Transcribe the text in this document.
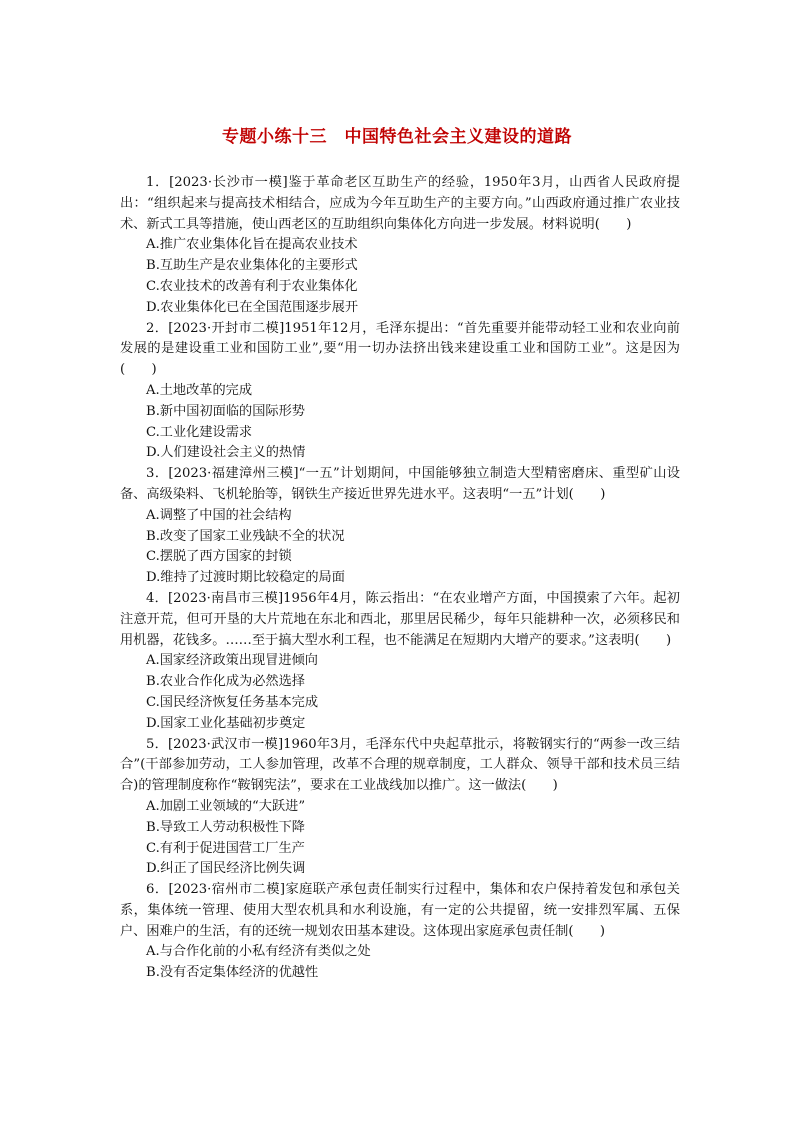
专题小练十三　中国特色社会主义建设的道路

1．[2023·长沙市一模]鉴于革命老区互助生产的经验，1950年3月，山西省人民政府提出：“组织起来与提高技术相结合，应成为今年互助生产的主要方向。”山西政府通过推广农业技术、新式工具等措施，使山西老区的互助组织向集体化方向进一步发展。材料说明(　　)

A.推广农业集体化旨在提高农业技术

B.互助生产是农业集体化的主要形式

C.农业技术的改善有利于农业集体化

D.农业集体化已在全国范围逐步展开

2．[2023·开封市二模]1951年12月，毛泽东提出：“首先重要并能带动轻工业和农业向前发展的是建设重工业和国防工业”,要“用一切办法挤出钱来建设重工业和国防工业”。这是因为(　　)

A.土地改革的完成

B.新中国初面临的国际形势

C.工业化建设需求

D.人们建设社会主义的热情

3．[2023·福建漳州三模]“一五”计划期间，中国能够独立制造大型精密磨床、重型矿山设备、高级染料、飞机轮胎等，钢铁生产接近世界先进水平。这表明“一五”计划(　　)

A.调整了中国的社会结构

B.改变了国家工业残缺不全的状况

C.摆脱了西方国家的封锁

D.维持了过渡时期比较稳定的局面

4．[2023·南昌市三模]1956年4月，陈云指出：“在农业增产方面，中国摸索了六年。起初注意开荒，但可开垦的大片荒地在东北和西北，那里居民稀少，每年只能耕种一次，必须移民和用机器，花钱多。……至于搞大型水利工程，也不能满足在短期内大增产的要求。”这表明(　　)

A.国家经济政策出现冒进倾向

B.农业合作化成为必然选择

C.国民经济恢复任务基本完成

D.国家工业化基础初步奠定

5．[2023·武汉市一模]1960年3月，毛泽东代中央起草批示，将鞍钢实行的“两参一改三结合”(干部参加劳动，工人参加管理，改革不合理的规章制度，工人群众、领导干部和技术员三结合)的管理制度称作“鞍钢宪法”，要求在工业战线加以推广。这一做法(　　)

A.加剧工业领域的“大跃进”

B.导致工人劳动积极性下降

C.有利于促进国营工厂生产

D.纠正了国民经济比例失调

6．[2023·宿州市二模]家庭联产承包责任制实行过程中，集体和农户保持着发包和承包关系，集体统一管理、使用大型农机具和水利设施，有一定的公共提留，统一安排烈军属、五保户、困难户的生活，有的还统一规划农田基本建设。这体现出家庭承包责任制(　　)

A.与合作化前的小私有经济有类似之处

B.没有否定集体经济的优越性
